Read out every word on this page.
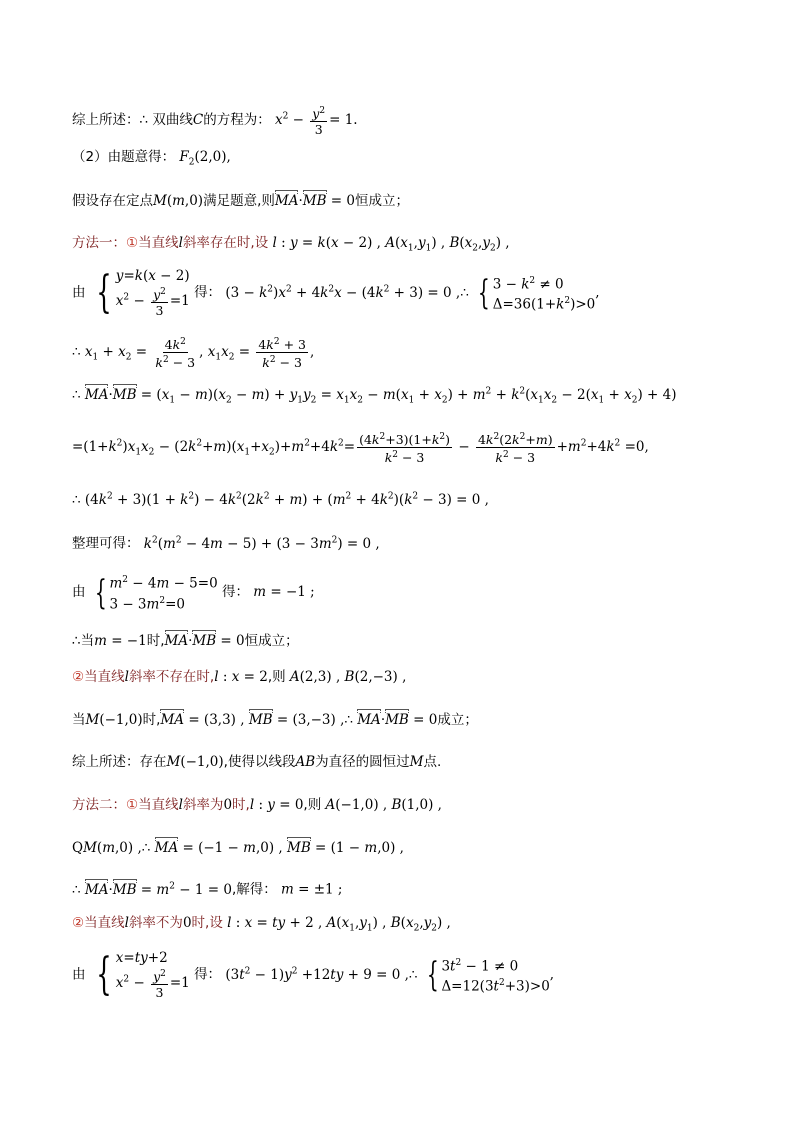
综上所述：∴ 双曲线C的方程为： $x^2 - \frac{y^2}{3} = 1$.
（2）由题意得： $F_2(2,0)$,
假设存在定点M(m,0)满足题意,则MA·MB = 0恒成立；
方法一：①当直线l斜率存在时,设 l : y = k(x − 2) , $A(x_1,y_1)$ , $B(x_2,y_2)$ ,
由 { y=k(x − 2)
$x^2 - \frac{y^2}{3} =1$
得： $(3 - k^2)x^2 + 4k^2x - (4k^2 + 3) = 0$ ,∴ { $3 - k^2 \ne 0$
$\Delta=36(1+k^2)>0$
,
∴ $x_1 + x_2 = \frac{4k^2}{k^2 - 3}$ , $x_1x_2 = \frac{4k^2 + 3}{k^2 - 3}$ ,
∴ $MA\cdot MB = (x_1 - m)(x_2 - m) + y_1y_2 = x_1x_2 - m(x_1 + x_2) + m^2 + k^2(x_1x_2 - 2(x_1 + x_2) + 4)$
$=(1+k^2)x_1x_2 - (2k^2+m)(x_1+x_2)+m^2+4k^2= \frac{(4k^2+3)(1+k^2)}{k^2 - 3} - \frac{4k^2(2k^2+m)}{k^2 - 3} +m^2+4k^2 =0$,
∴ $(4k^2 + 3)(1 + k^2) - 4k^2(2k^2 + m) + (m^2 + 4k^2)(k^2 - 3) = 0$ ,
整理可得： $k^2(m^2 - 4m - 5) + (3 - 3m^2) = 0$ ,
由 { $m^2 - 4m - 5=0$
$3 - 3m^2=0$
得： m = −1 ;
∴当m = −1时,MA·MB = 0恒成立；
②当直线l斜率不存在时,l : x = 2,则 A(2,3) , B(2,−3) ,
当M(−1,0)时,MA = (3,3) , MB = (3,−3) ,∴ MA·MB = 0成立；
综上所述：存在M(−1,0),使得以线段AB为直径的圆恒过M点.
方法二：①当直线l斜率为0时,l : y = 0,则 A(−1,0) , B(1,0) ,
QM(m,0) ,∴ MA = (−1 − m,0) , MB = (1 − m,0) ,
∴ $MA\cdot MB = m^2 - 1 = 0$,解得： m = ±1 ;
②当直线l斜率不为0时,设 l : x = ty + 2 , $A(x_1,y_1)$ , $B(x_2,y_2)$ ,
由 { x=ty+2
$x^2 - \frac{y^2}{3} =1$
得： $(3t^2 - 1)y^2 +12ty + 9 = 0$ ,∴ { $3t^2 - 1 \ne 0$
$\Delta=12(3t^2+3)>0$
,
